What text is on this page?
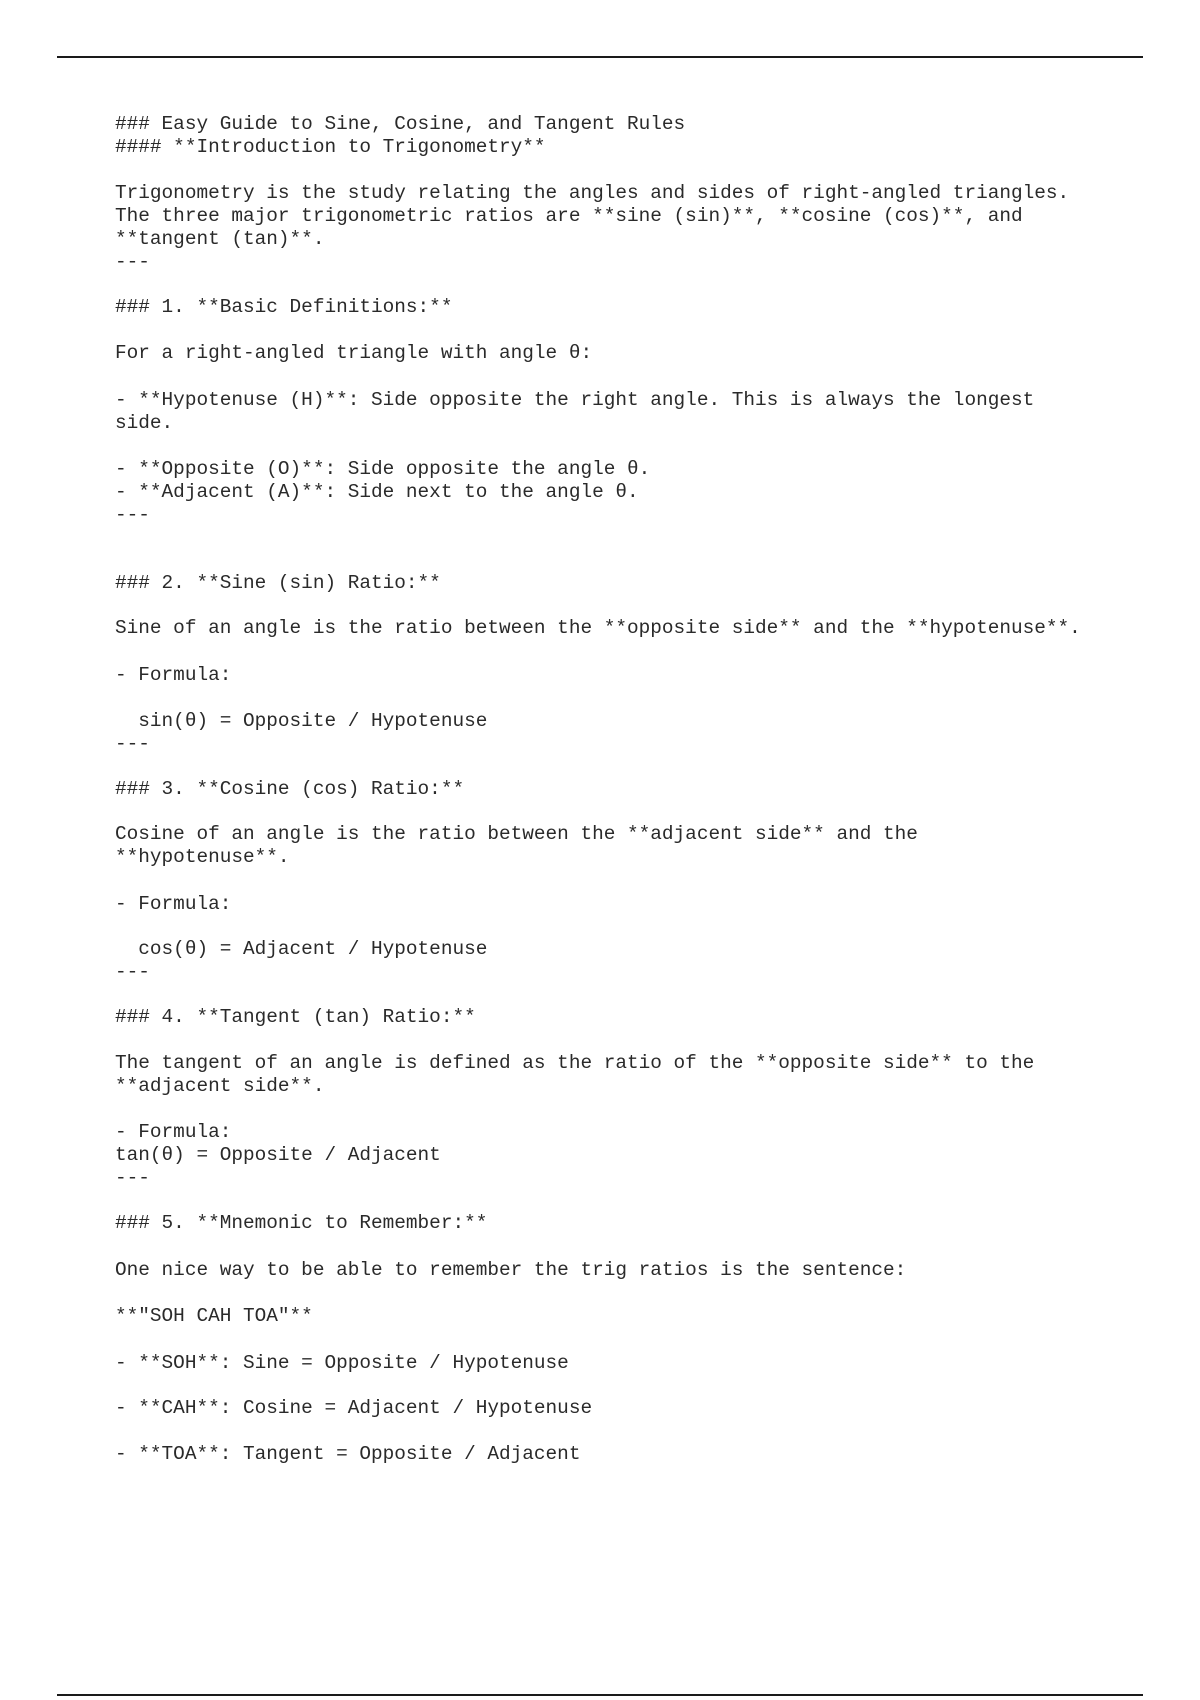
### Easy Guide to Sine, Cosine, and Tangent Rules
#### **Introduction to Trigonometry**
Trigonometry is the study relating the angles and sides of right-angled triangles.
The three major trigonometric ratios are **sine (sin)**, **cosine (cos)**, and
**tangent (tan)**.
---
### 1. **Basic Definitions:**
For a right-angled triangle with angle θ:
- **Hypotenuse (H)**: Side opposite the right angle. This is always the longest
side.
- **Opposite (O)**: Side opposite the angle θ.
- **Adjacent (A)**: Side next to the angle θ.
---
### 2. **Sine (sin) Ratio:**
Sine of an angle is the ratio between the **opposite side** and the **hypotenuse**.
- Formula:
sin(θ) = Opposite / Hypotenuse
---
### 3. **Cosine (cos) Ratio:**
Cosine of an angle is the ratio between the **adjacent side** and the
**hypotenuse**.
- Formula:
cos(θ) = Adjacent / Hypotenuse
---
### 4. **Tangent (tan) Ratio:**
The tangent of an angle is defined as the ratio of the **opposite side** to the
**adjacent side**.
- Formula:
tan(θ) = Opposite / Adjacent
---
### 5. **Mnemonic to Remember:**
One nice way to be able to remember the trig ratios is the sentence:
**"SOH CAH TOA"**
- **SOH**: Sine = Opposite / Hypotenuse
- **CAH**: Cosine = Adjacent / Hypotenuse
- **TOA**: Tangent = Opposite / Adjacent
